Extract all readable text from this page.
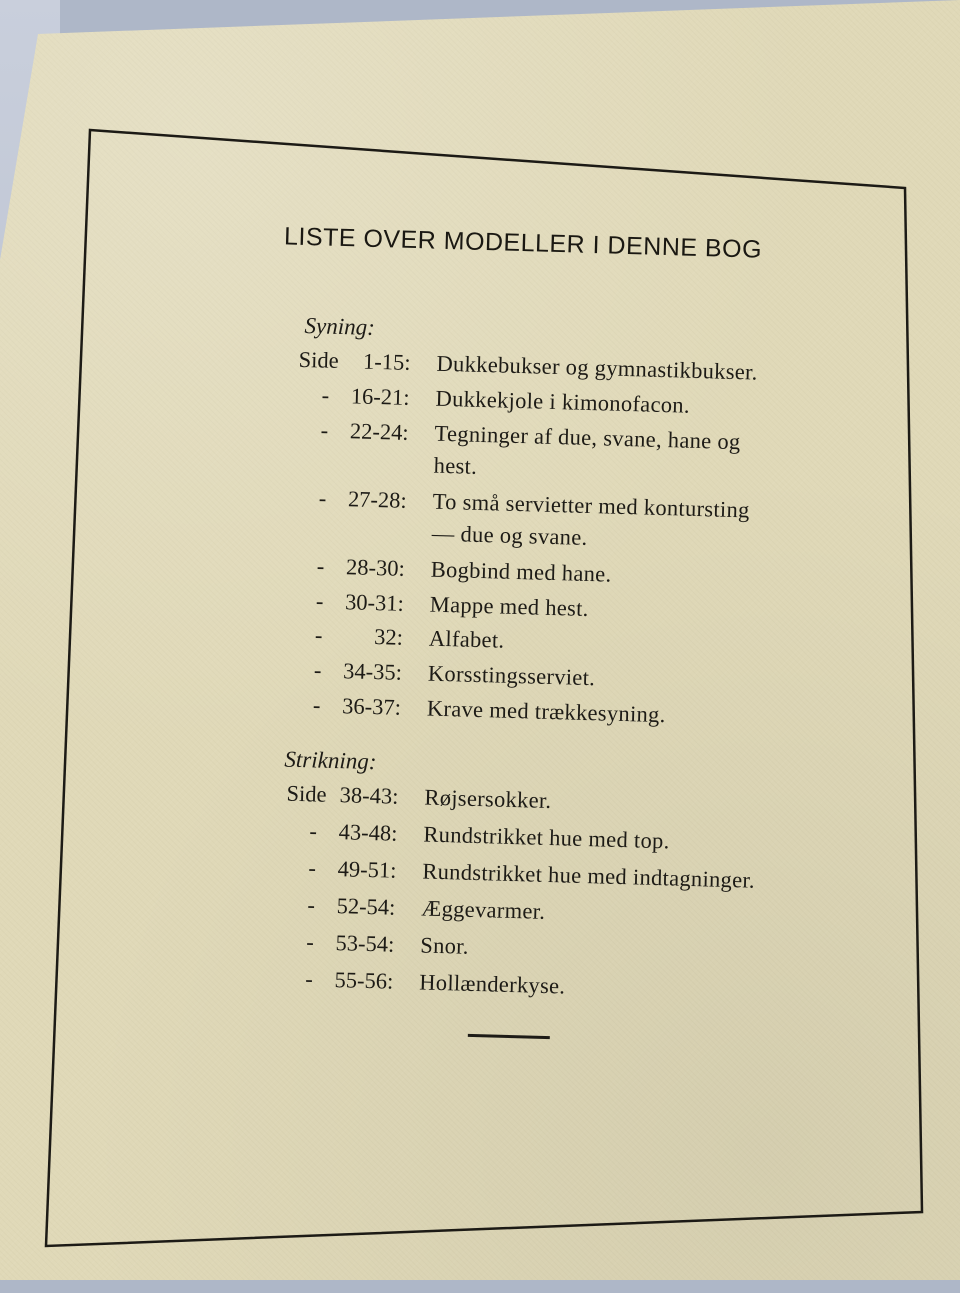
LISTE OVER MODELLER I DENNE BOG
Syning:
Side 1-15: Dukkebukser og gymnastikbukser.
- 16-21: Dukkekjole i kimonofacon.
- 22-24: Tegninger af due, svane, hane og
hest.
- 27-28: To små servietter med kontursting
— due og svane.
- 28-30: Bogbind med hane.
- 30-31: Mappe med hest.
- 32: Alfabet.
- 34-35: Korsstingsserviet.
- 36-37: Krave med trækkesyning.
Strikning:
Side 38-43: Røjsersokker.
- 43-48: Rundstrikket hue med top.
- 49-51: Rundstrikket hue med indtagninger.
- 52-54: Æggevarmer.
- 53-54: Snor.
- 55-56: Hollænderkyse.
